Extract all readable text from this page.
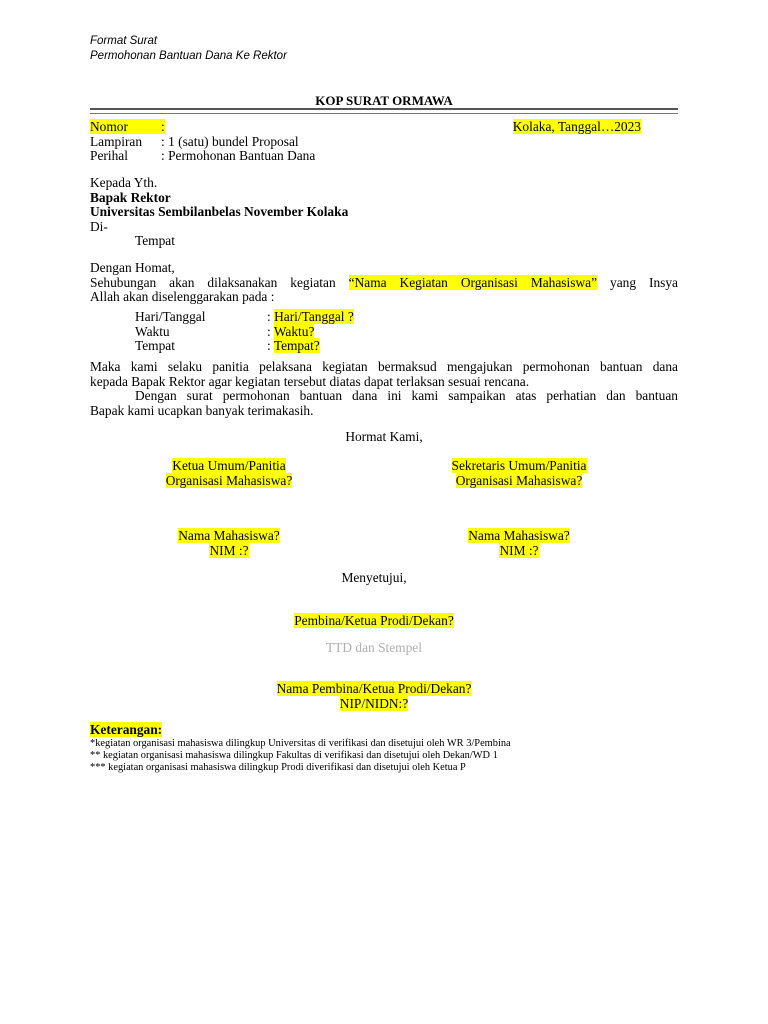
Format Surat
Permohonan Bantuan Dana Ke Rektor
KOP SURAT ORMAWA
Nomor :
Lampiran : 1 (satu) bundel Proposal
Perihal : Permohonan Bantuan Dana
Kolaka, Tanggal…2023
Kepada Yth.
Bapak Rektor
Universitas Sembilanbelas November Kolaka
Di-
Tempat
Dengan Homat,
Sehubungan akan dilaksanakan kegiatan “Nama Kegiatan Organisasi Mahasiswa” yang Insya
Allah akan diselenggarakan pada :
Hari/Tanggal	: Hari/Tanggal ?
Waktu	: Waktu?
Tempat	: Tempat?
Maka kami selaku panitia pelaksana kegiatan bermaksud mengajukan permohonan bantuan dana
kepada Bapak Rektor agar kegiatan tersebut diatas dapat terlaksan sesuai rencana.
Dengan surat permohonan bantuan dana ini kami sampaikan atas perhatian dan bantuan
Bapak kami ucapkan banyak terimakasih.
Hormat Kami,
Ketua Umum/Panitia
Organisasi Mahasiswa?
Sekretaris Umum/Panitia
Organisasi Mahasiswa?
Nama Mahasiswa?
NIM :?
Nama Mahasiswa?
NIM :?
Menyetujui,
Pembina/Ketua Prodi/Dekan?
TTD dan Stempel
Nama Pembina/Ketua Prodi/Dekan?
NIP/NIDN:?
Keterangan:
*kegiatan organisasi mahasiswa dilingkup Universitas di verifikasi dan disetujui oleh WR 3/Pembina
** kegiatan organisasi mahasiswa dilingkup Fakultas di verifikasi dan disetujui oleh Dekan/WD 1
*** kegiatan organisasi mahasiswa dilingkup Prodi diverifikasi dan disetujui oleh Ketua P
